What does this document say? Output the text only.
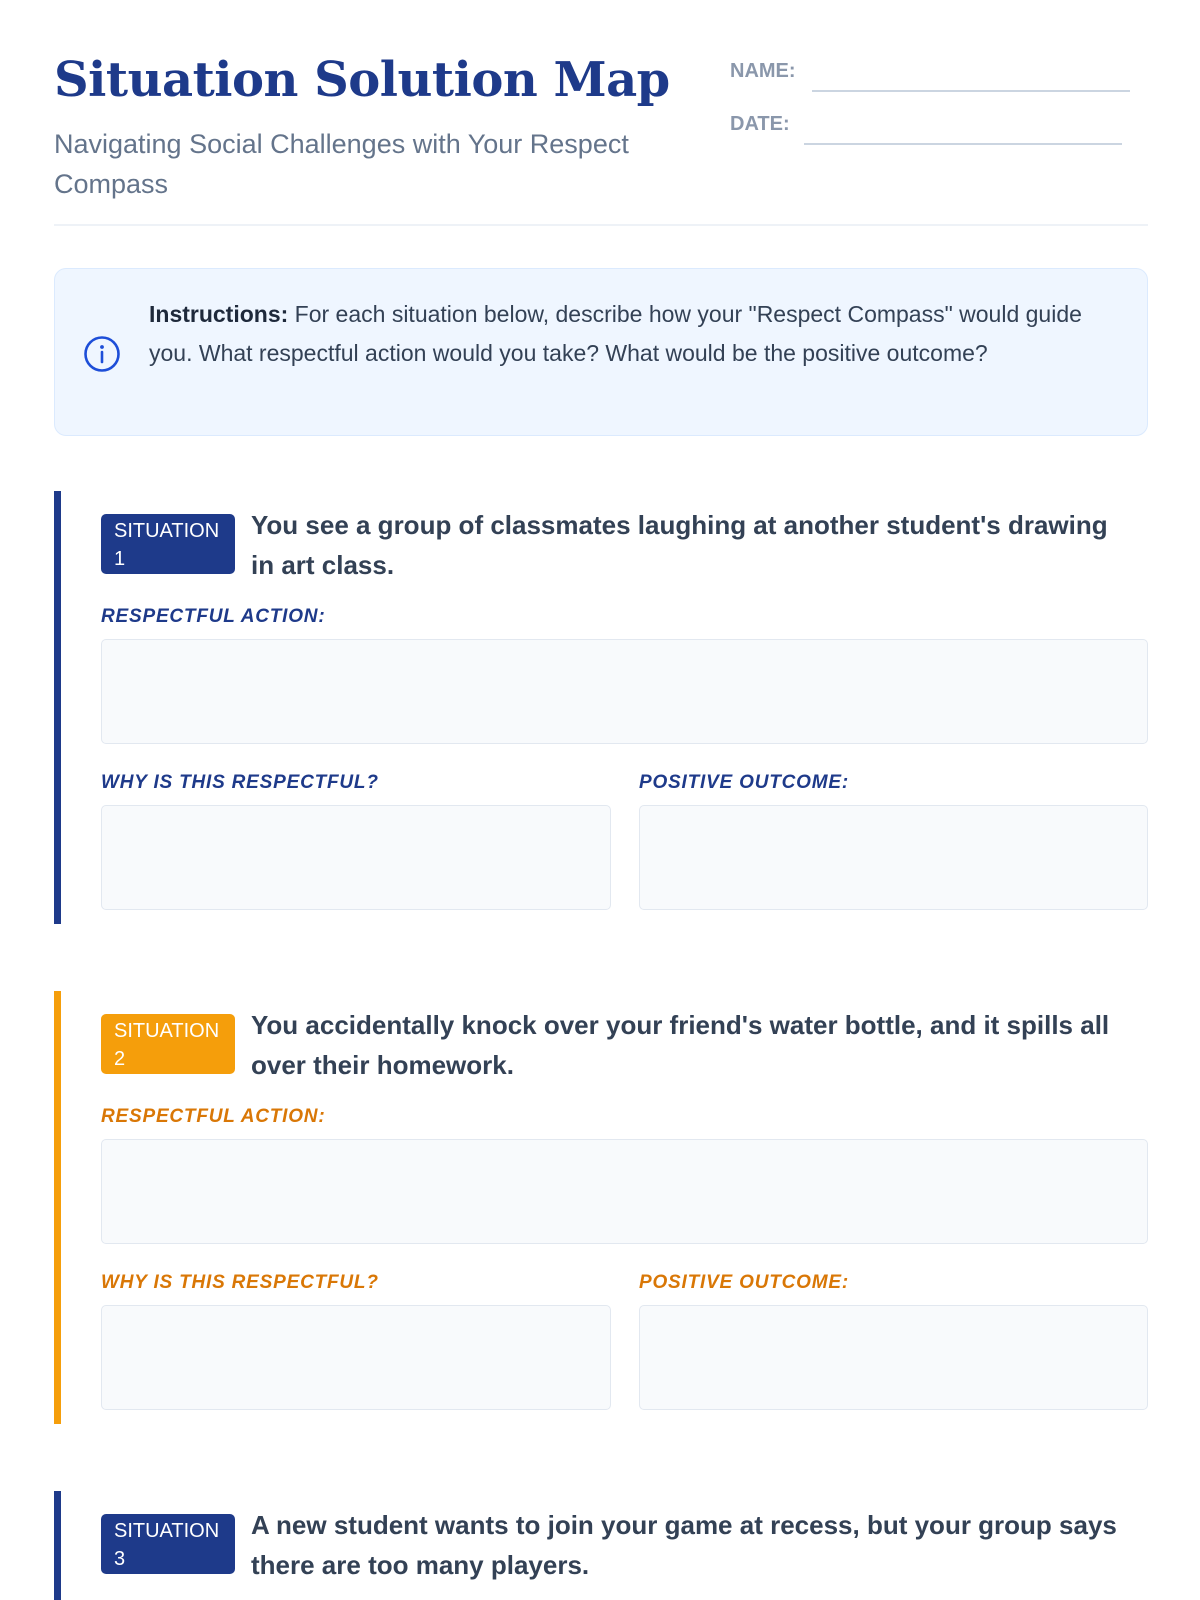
Situation Solution Map

Navigating Social Challenges with Your Respect Compass

NAME:
DATE:

Instructions: For each situation below, describe how your "Respect Compass" would guide you. What respectful action would you take? What would be the positive outcome?

SITUATION 1

You see a group of classmates laughing at another student's drawing in art class.

RESPECTFUL ACTION:
WHY IS THIS RESPECTFUL?	POSITIVE OUTCOME:
SITUATION 2

You accidentally knock over your friend's water bottle, and it spills all over their homework.

RESPECTFUL ACTION:
WHY IS THIS RESPECTFUL?	POSITIVE OUTCOME:
SITUATION 3

A new student wants to join your game at recess, but your group says there are too many players.
